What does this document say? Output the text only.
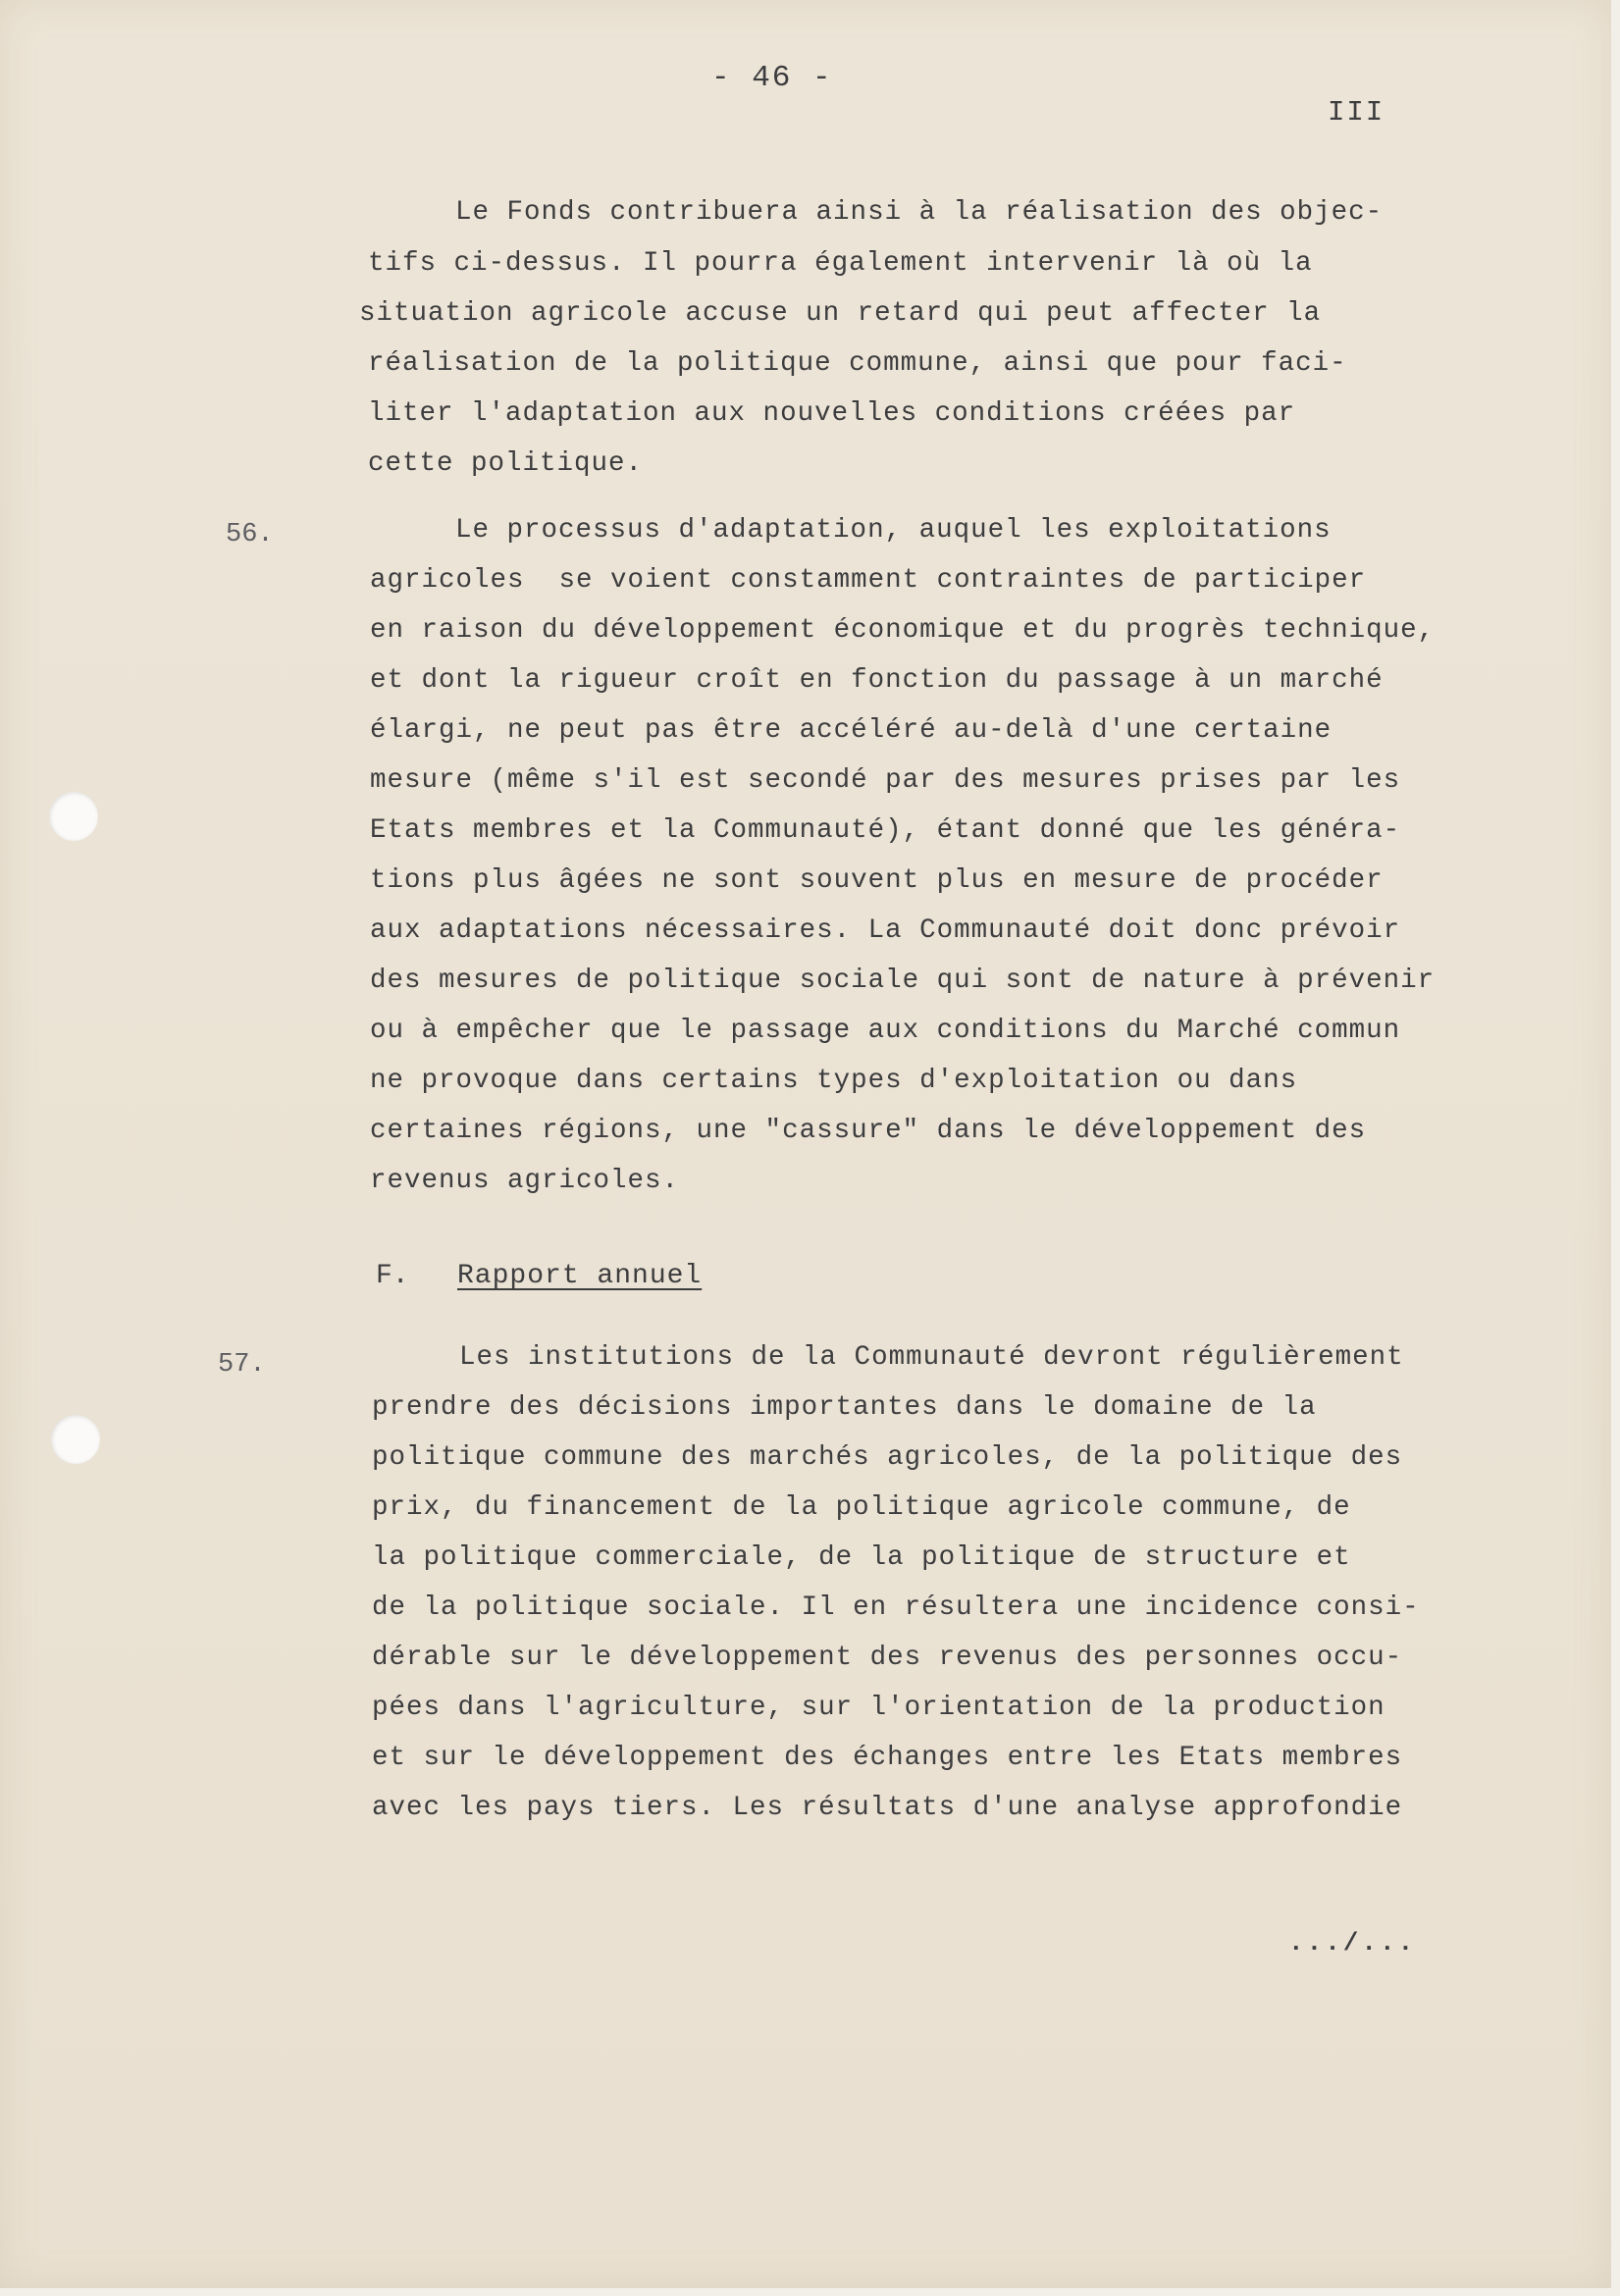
- 46 -
III
Le Fonds contribuera ainsi à la réalisation des objec-
tifs ci-dessus. Il pourra également intervenir là où la
situation agricole accuse un retard qui peut affecter la
réalisation de la politique commune, ainsi que pour faci-
liter l'adaptation aux nouvelles conditions créées par
cette politique.
56.	Le processus d'adaptation, auquel les exploitations
agricoles  se voient constamment contraintes de participer
en raison du développement économique et du progrès technique,
et dont la rigueur croît en fonction du passage à un marché
élargi, ne peut pas être accéléré au-delà d'une certaine
mesure (même s'il est secondé par des mesures prises par les
Etats membres et la Communauté), étant donné que les généra-
tions plus âgées ne sont souvent plus en mesure de procéder
aux adaptations nécessaires. La Communauté doit donc prévoir
des mesures de politique sociale qui sont de nature à prévenir
ou à empêcher que le passage aux conditions du Marché commun
ne provoque dans certains types d'exploitation ou dans
certaines régions, une "cassure" dans le développement des
revenus agricoles.
F. Rapport annuel
57.	Les institutions de la Communauté devront régulièrement
prendre des décisions importantes dans le domaine de la
politique commune des marchés agricoles, de la politique des
prix, du financement de la politique agricole commune, de
la politique commerciale, de la politique de structure et
de la politique sociale. Il en résultera une incidence consi-
dérable sur le développement des revenus des personnes occu-
pées dans l'agriculture, sur l'orientation de la production
et sur le développement des échanges entre les Etats membres
avec les pays tiers. Les résultats d'une analyse approfondie
.../...
